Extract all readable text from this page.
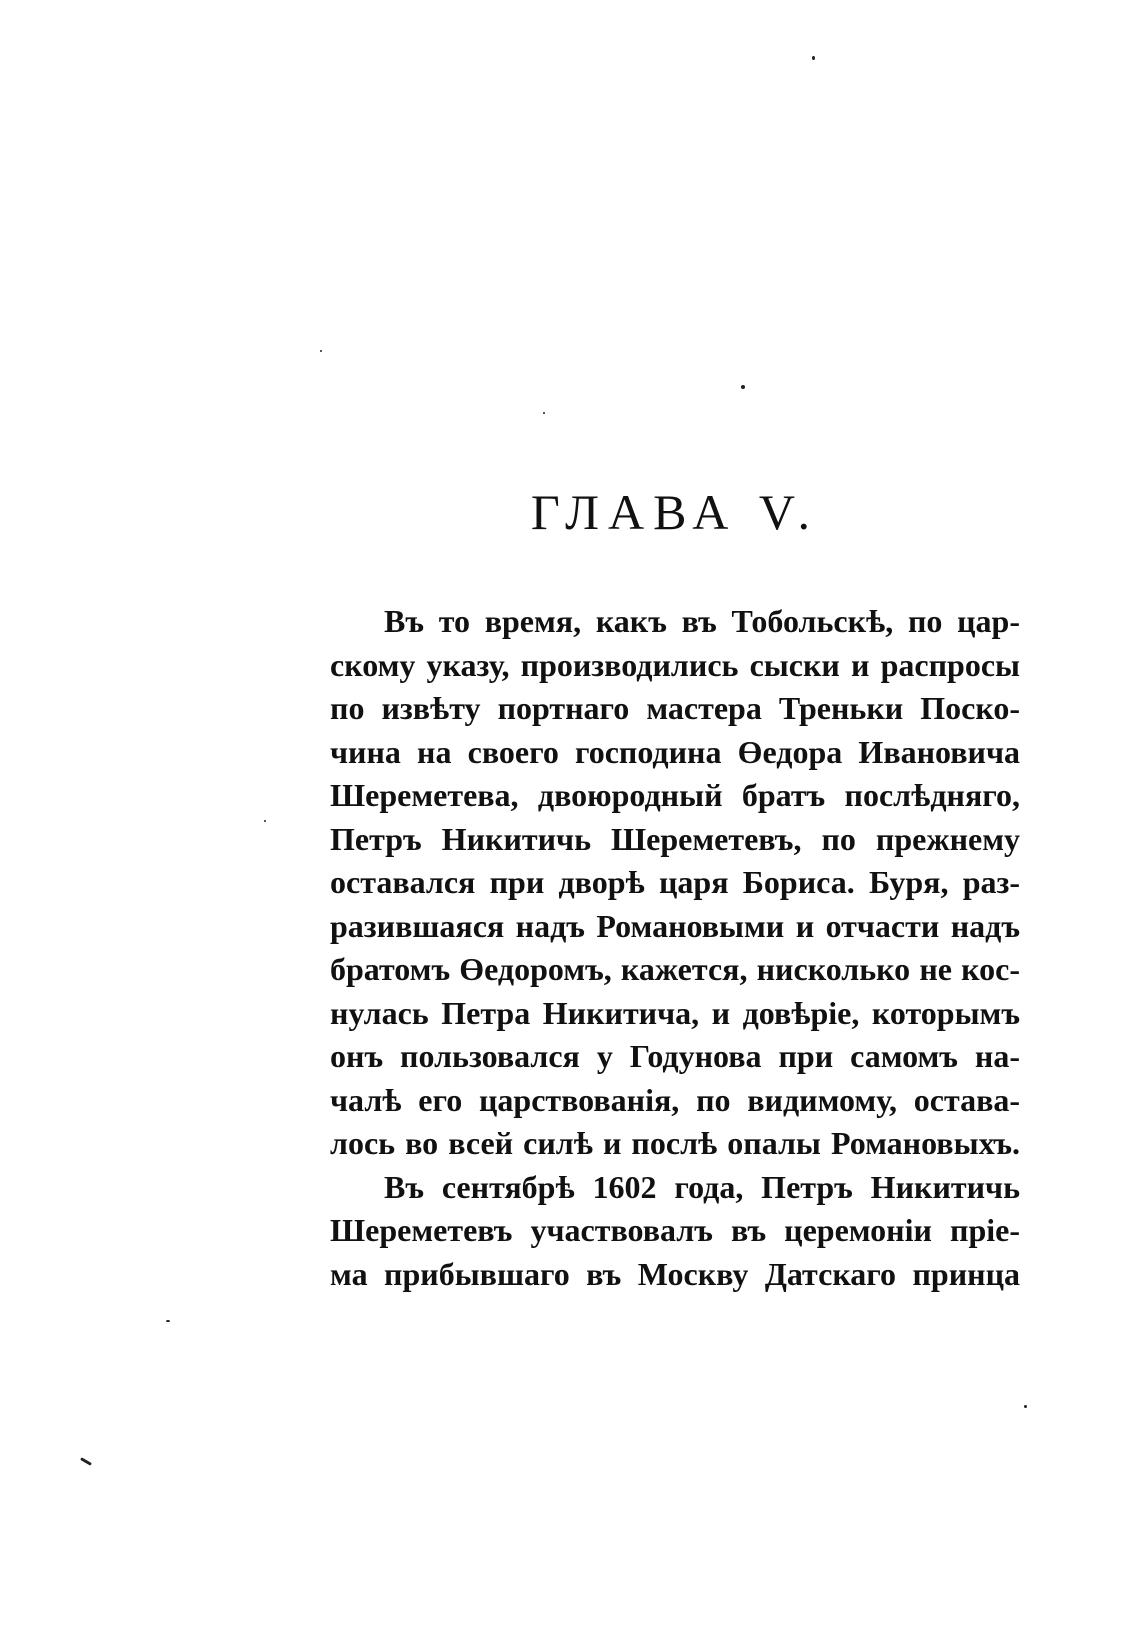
ГЛАВА V.
Въ то время, какъ въ Тобольскѣ, по цар-
скому указу, производились сыски и распросы
по извѣту портнаго мастера Треньки Поско-
чина на своего господина Өедора Ивановича
Шереметева, двоюродный братъ послѣдняго,
Петръ Никитичь Шереметевъ, по прежнему
оставался при дворѣ царя Бориса. Буря, раз-
разившаяся надъ Романовыми и отчасти надъ
братомъ Өедоромъ, кажется, нисколько не кос-
нулась Петра Никитича, и довѣріе, которымъ
онъ пользовался у Годунова при самомъ на-
чалѣ его царствованія, по видимому, остава-
лось во всей силѣ и послѣ опалы Романовыхъ.
Въ сентябрѣ 1602 года, Петръ Никитичь
Шереметевъ участвовалъ въ церемоніи пріе-
ма прибывшаго въ Москву Датскаго принца
